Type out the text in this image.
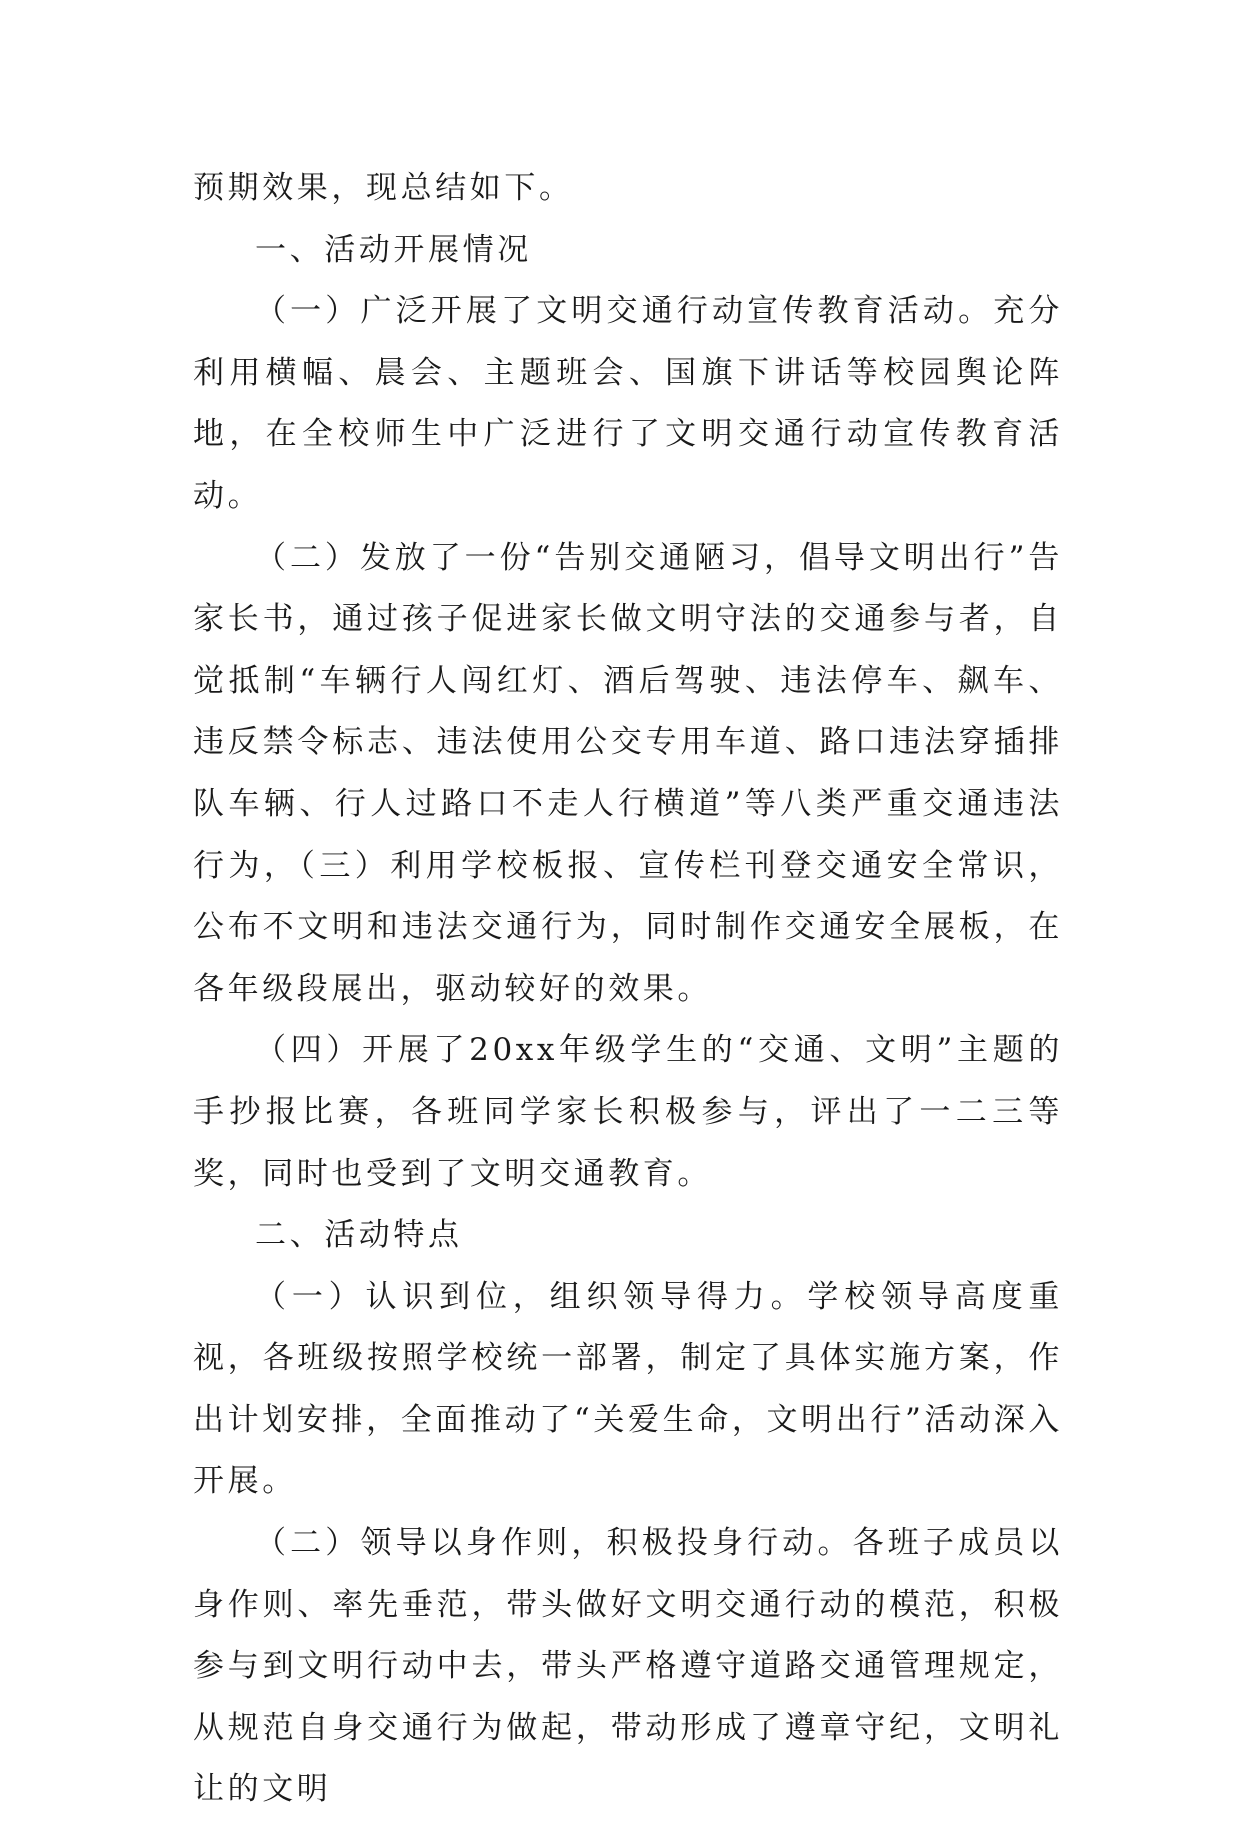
预期效果，现总结如下。

一、活动开展情况

（一）广泛开展了文明交通行动宣传教育活动。充分利用横幅、晨会、主题班会、国旗下讲话等校园舆论阵地，在全校师生中广泛进行了文明交通行动宣传教育活动。

（二）发放了一份“告别交通陋习，倡导文明出行”告家长书，通过孩子促进家长做文明守法的交通参与者，自觉抵制“车辆行人闯红灯、酒后驾驶、违法停车、飙车、违反禁令标志、违法使用公交专用车道、路口违法穿插排队车辆、行人过路口不走人行横道”等八类严重交通违法行为，（三）利用学校板报、宣传栏刊登交通安全常识，公布不文明和违法交通行为，同时制作交通安全展板，在各年级段展出，驱动较好的效果。

（四）开展了20xx年级学生的“交通、文明”主题的手抄报比赛，各班同学家长积极参与，评出了一二三等奖，同时也受到了文明交通教育。

二、活动特点

（一）认识到位，组织领导得力。学校领导高度重视，各班级按照学校统一部署，制定了具体实施方案，作出计划安排，全面推动了“关爱生命，文明出行”活动深入开展。

（二）领导以身作则，积极投身行动。各班子成员以身作则、率先垂范，带头做好文明交通行动的模范，积极参与到文明行动中去，带头严格遵守道路交通管理规定，从规范自身交通行为做起，带动形成了遵章守纪，文明礼让的文明
